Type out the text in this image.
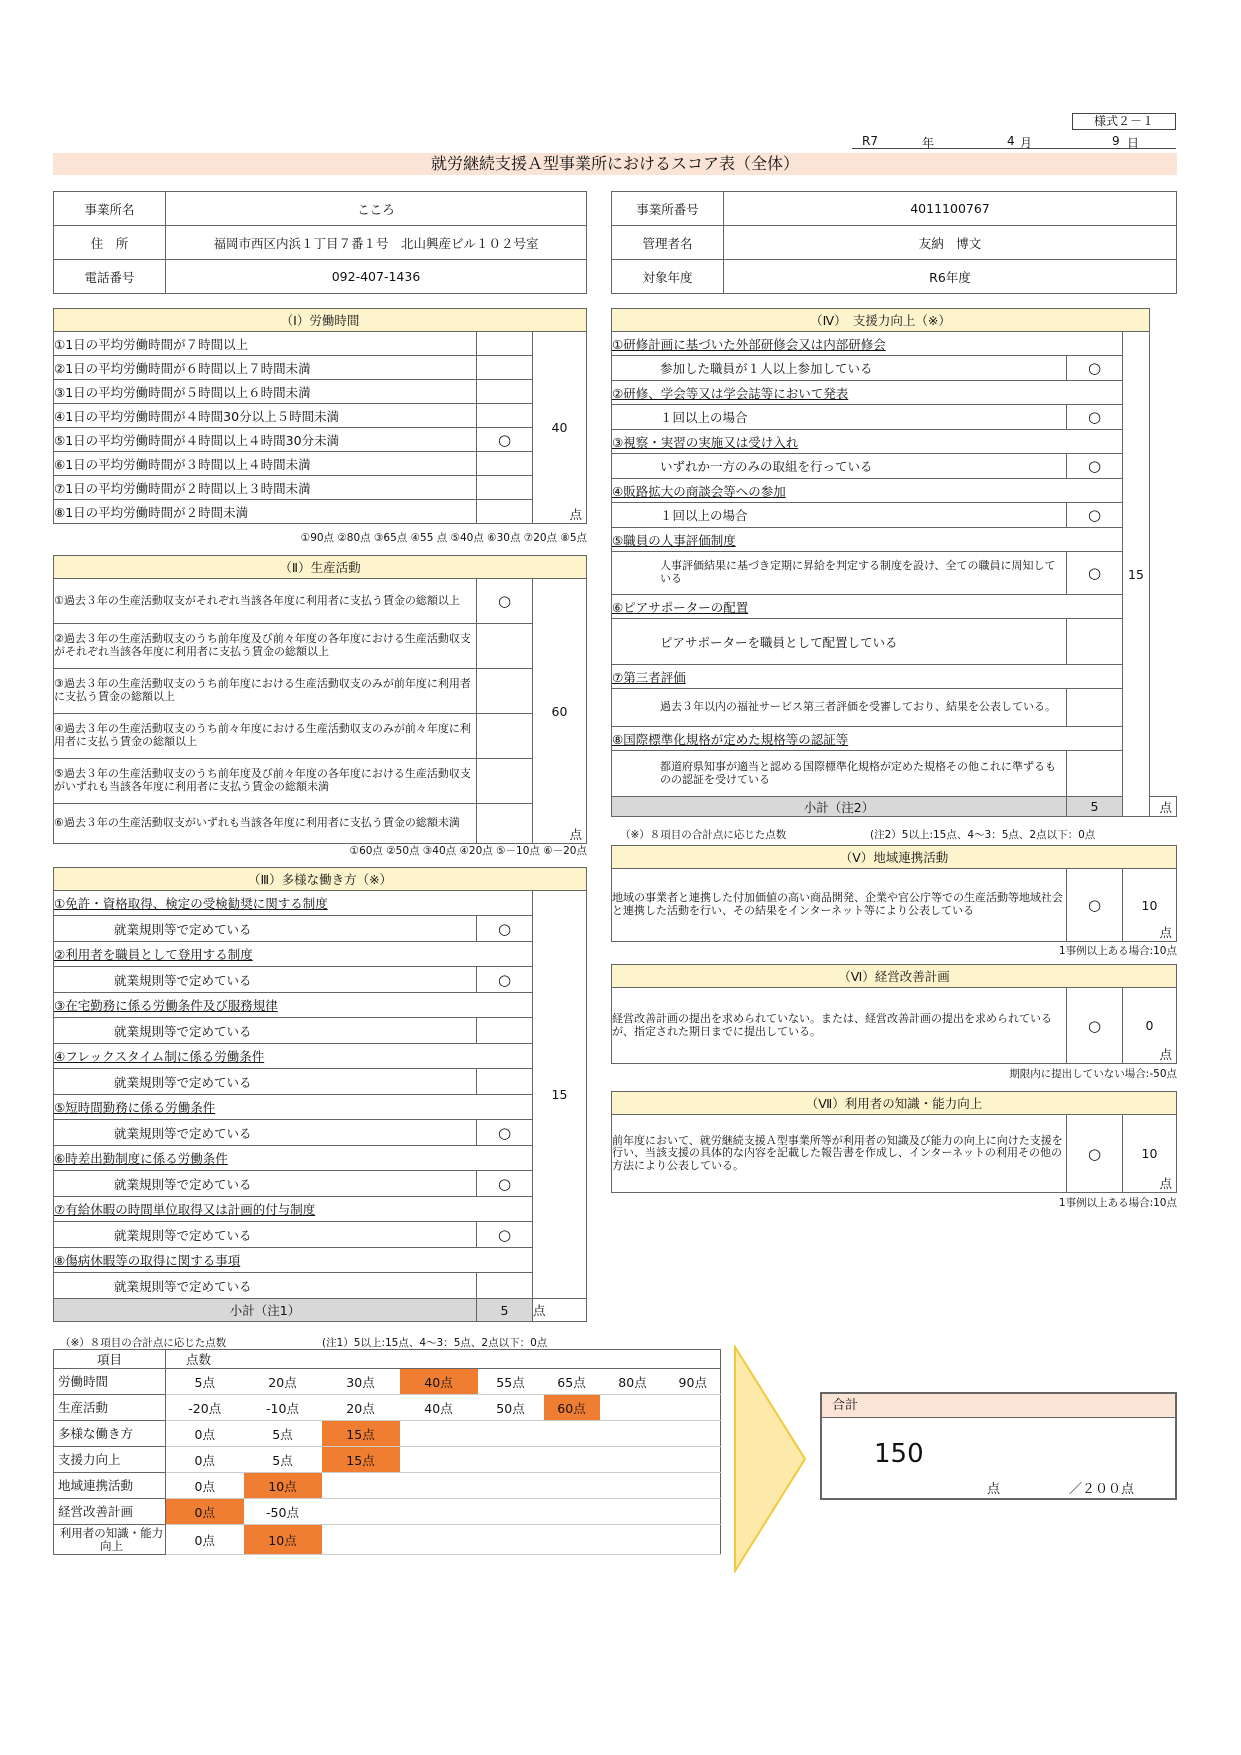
様式２－１
R7	年	4 月	9 日
就労継続支援Ａ型事業所におけるスコア表（全体）
事業所名	こころ
住　所	福岡市西区内浜１丁目７番１号　北山興産ビル１０２号室
電話番号	092-407-1436
事業所番号	4011100767
管理者名	友納　博文
対象年度	R6年度
（Ⅰ）労働時間		
①1日の平均労働時間が７時間以上		40
点

②1日の平均労働時間が６時間以上７時間未満		
③1日の平均労働時間が５時間以上６時間未満		
④1日の平均労働時間が４時間30分以上５時間未満		
⑤1日の平均労働時間が４時間以上４時間30分未満	○	
⑥1日の平均労働時間が３時間以上４時間未満		
⑦1日の平均労働時間が２時間以上３時間未満		
⑧1日の平均労働時間が２時間未満		
①90点 ②80点 ③65点 ④55 点 ⑤40点 ⑥30点 ⑦20点 ⑧5点
（Ⅱ）生産活動		
①過去３年の生産活動収支がそれぞれ当該各年度に利用者に支払う賃金の総額以上	○	60
点

②過去３年の生産活動収支のうち前年度及び前々年度の各年度における生産活動収支がそれぞれ当該各年度に利用者に支払う賃金の総額以上		
③過去３年の生産活動収支のうち前年度における生産活動収支のみが前年度に利用者に支払う賃金の総額以上		
④過去３年の生産活動収支のうち前々年度における生産活動収支のみが前々年度に利用者に支払う賃金の総額以上		
⑤過去３年の生産活動収支のうち前年度及び前々年度の各年度における生産活動収支がいずれも当該各年度に利用者に支払う賃金の総額未満		
⑥過去３年の生産活動収支がいずれも当該各年度に利用者に支払う賃金の総額未満		
①60点 ②50点 ③40点 ④20点 ⑤－10点 ⑥－20点
（Ⅲ）多様な働き方（※）		
①免許・資格取得、検定の受検勧奨に関する制度		15
就業規則等で定めている	○	
②利用者を職員として登用する制度		
就業規則等で定めている	○	
③在宅勤務に係る労働条件及び服務規律		
就業規則等で定めている		
④フレックスタイム制に係る労働条件		
就業規則等で定めている		
⑤短時間勤務に係る労働条件		
就業規則等で定めている	○	
⑥時差出勤制度に係る労働条件		
就業規則等で定めている	○	
⑦有給休暇の時間単位取得又は計画的付与制度		
就業規則等で定めている	○	
⑧傷病休暇等の取得に関する事項		
就業規則等で定めている		
小計（注1）	5	点
（※）８項目の合計点に応じた点数	(注1）5以上:15点、4～3：5点、2点以下：0点
（Ⅳ）　支援力向上（※）			
①研修計画に基づいた外部研修会又は内部研修会		15	
参加した職員が１人以上参加している	○		
②研修、学会等又は学会誌等において発表			
１回以上の場合	○		
③視察・実習の実施又は受け入れ			
いずれか一方のみの取組を行っている	○		
④販路拡大の商談会等への参加			
１回以上の場合	○		
⑤職員の人事評価制度			
人事評価結果に基づき定期に昇給を判定する制度を設け、全ての職員に周知している	○		
⑥ピアサポーターの配置			
ピアサポーターを職員として配置している			
⑦第三者評価			
過去３年以内の福祉サービス第三者評価を受審しており、結果を公表している。			
⑧国際標準化規格が定めた規格等の認証等			
都道府県知事が適当と認める国際標準化規格が定めた規格その他これに準ずるものの認証を受けている			
小計（注2）	5		点
（※）８項目の合計点に応じた点数	(注2）5以上:15点、4～3：5点、2点以下：0点
（Ⅴ）地域連携活動
地域の事業者と連携した付加価値の高い商品開発、企業や官公庁等での生産活動等地域社会と連携した活動を行い、その結果をインターネット等により公表している	○	10
点
1事例以上ある場合:10点
（Ⅵ）経営改善計画
経営改善計画の提出を求められていない。または、経営改善計画の提出を求められているが、指定された期日までに提出している。	○	0
点
期限内に提出していない場合:-50点
（Ⅶ）利用者の知識・能力向上
前年度において、就労継続支援Ａ型事業所等が利用者の知識及び能力の向上に向けた支援を行い、当該支援の具体的な内容を記載した報告書を作成し、インターネットの利用その他の方法により公表している。	○	10
点
1事例以上ある場合:10点
項目	点数							
労働時間	5点	20点	30点	40点	55点	65点	80点	90点
生産活動	-20点	-10点	20点	40点	50点	60点		
多様な働き方	0点	5点	15点					
支援力向上	0点	5点	15点					
地域連携活動	0点	10点						
経営改善計画	0点	-50点						
利用者の知識・能力向上	0点	10点						
合計
150
点	／２００点
